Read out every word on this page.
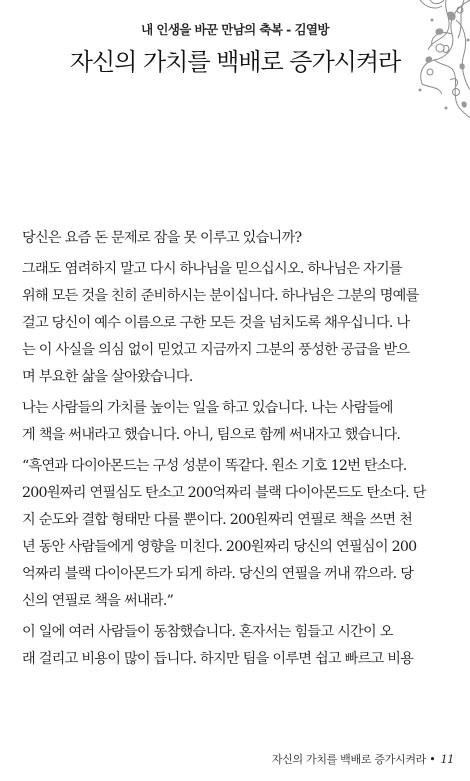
내 인생을 바꾼 만남의 축복 - 김열방
자신의 가치를 백배로 증가시켜라

당신은 요즘 돈 문제로 잠을 못 이루고 있습니까?

그래도 염려하지 말고 다시 하나님을 믿으십시오. 하나님은 자기를

위해 모든 것을 친히 준비하시는 분이십니다. 하나님은 그분의 명예를

걸고 당신이 예수 이름으로 구한 모든 것을 넘치도록 채우십니다. 나

는 이 사실을 의심 없이 믿었고 지금까지 그분의 풍성한 공급을 받으

며 부요한 삶을 살아왔습니다.

나는 사람들의 가치를 높이는 일을 하고 있습니다. 나는 사람들에

게 책을 써내라고 했습니다. 아니, 팀으로 함께 써내자고 했습니다.

“흑연과 다이아몬드는 구성 성분이 똑같다. 원소 기호 12번 탄소다.

200원짜리 연필심도 탄소고 200억짜리 블랙 다이아몬드도 탄소다. 단

지 순도와 결합 형태만 다를 뿐이다. 200원짜리 연필로 책을 쓰면 천

년 동안 사람들에게 영향을 미친다. 200원짜리 당신의 연필심이 200

억짜리 블랙 다이아몬드가 되게 하라. 당신의 연필을 꺼내 깎으라. 당

신의 연필로 책을 써내라.”

이 일에 여러 사람들이 동참했습니다. 혼자서는 힘들고 시간이 오

래 걸리고 비용이 많이 듭니다. 하지만 팀을 이루면 쉽고 빠르고 비용

자신의 가치를 백배로 증가시켜라 • 11
